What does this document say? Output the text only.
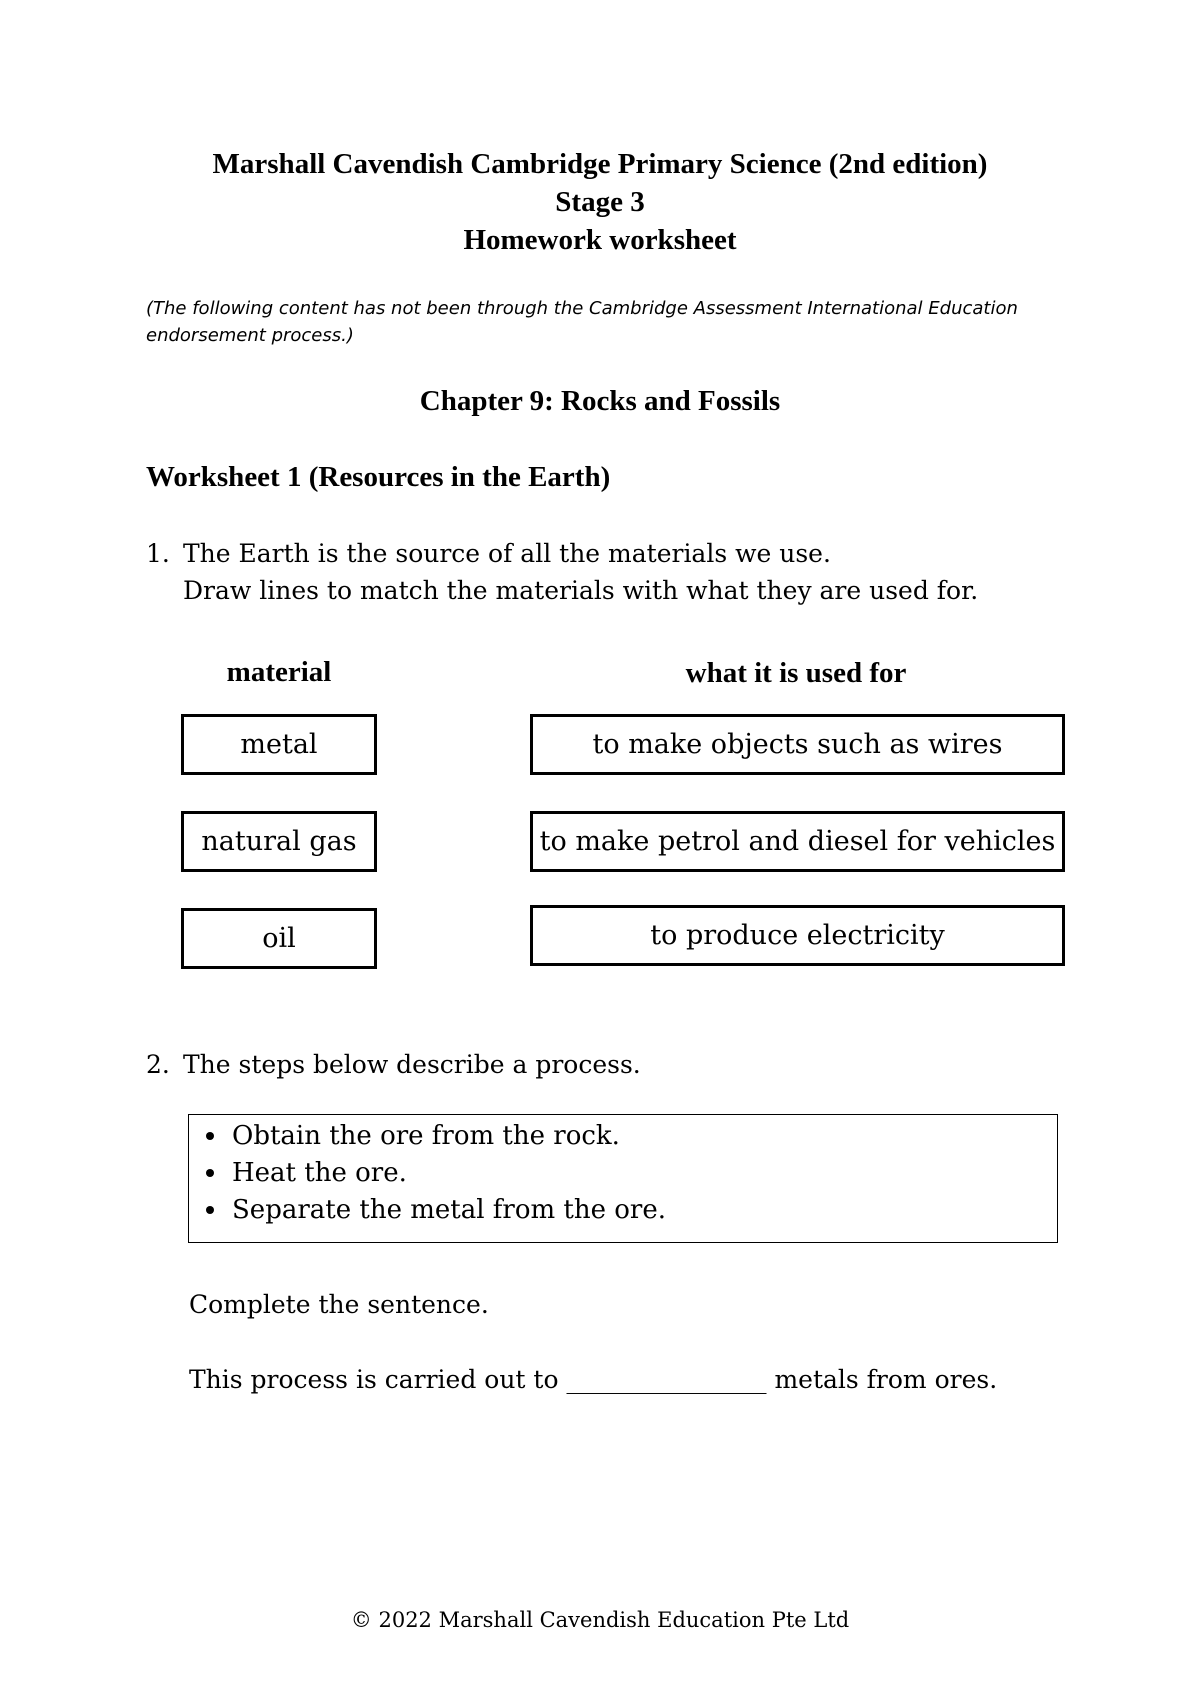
Marshall Cavendish Cambridge Primary Science (2nd edition)
Stage 3
Homework worksheet
(The following content has not been through the Cambridge Assessment International Education endorsement process.)
Chapter 9: Rocks and Fossils
Worksheet 1 (Resources in the Earth)
1. The Earth is the source of all the materials we use.
Draw lines to match the materials with what they are used for.
material	what it is used for
metal
natural gas
oil
to make objects such as wires
to make petrol and diesel for vehicles
to produce electricity
2. The steps below describe a process.
Obtain the ore from the rock.
Heat the ore.
Separate the metal from the ore.
Complete the sentence.
This process is carried out to ________________ metals from ores.
© 2022 Marshall Cavendish Education Pte Ltd
